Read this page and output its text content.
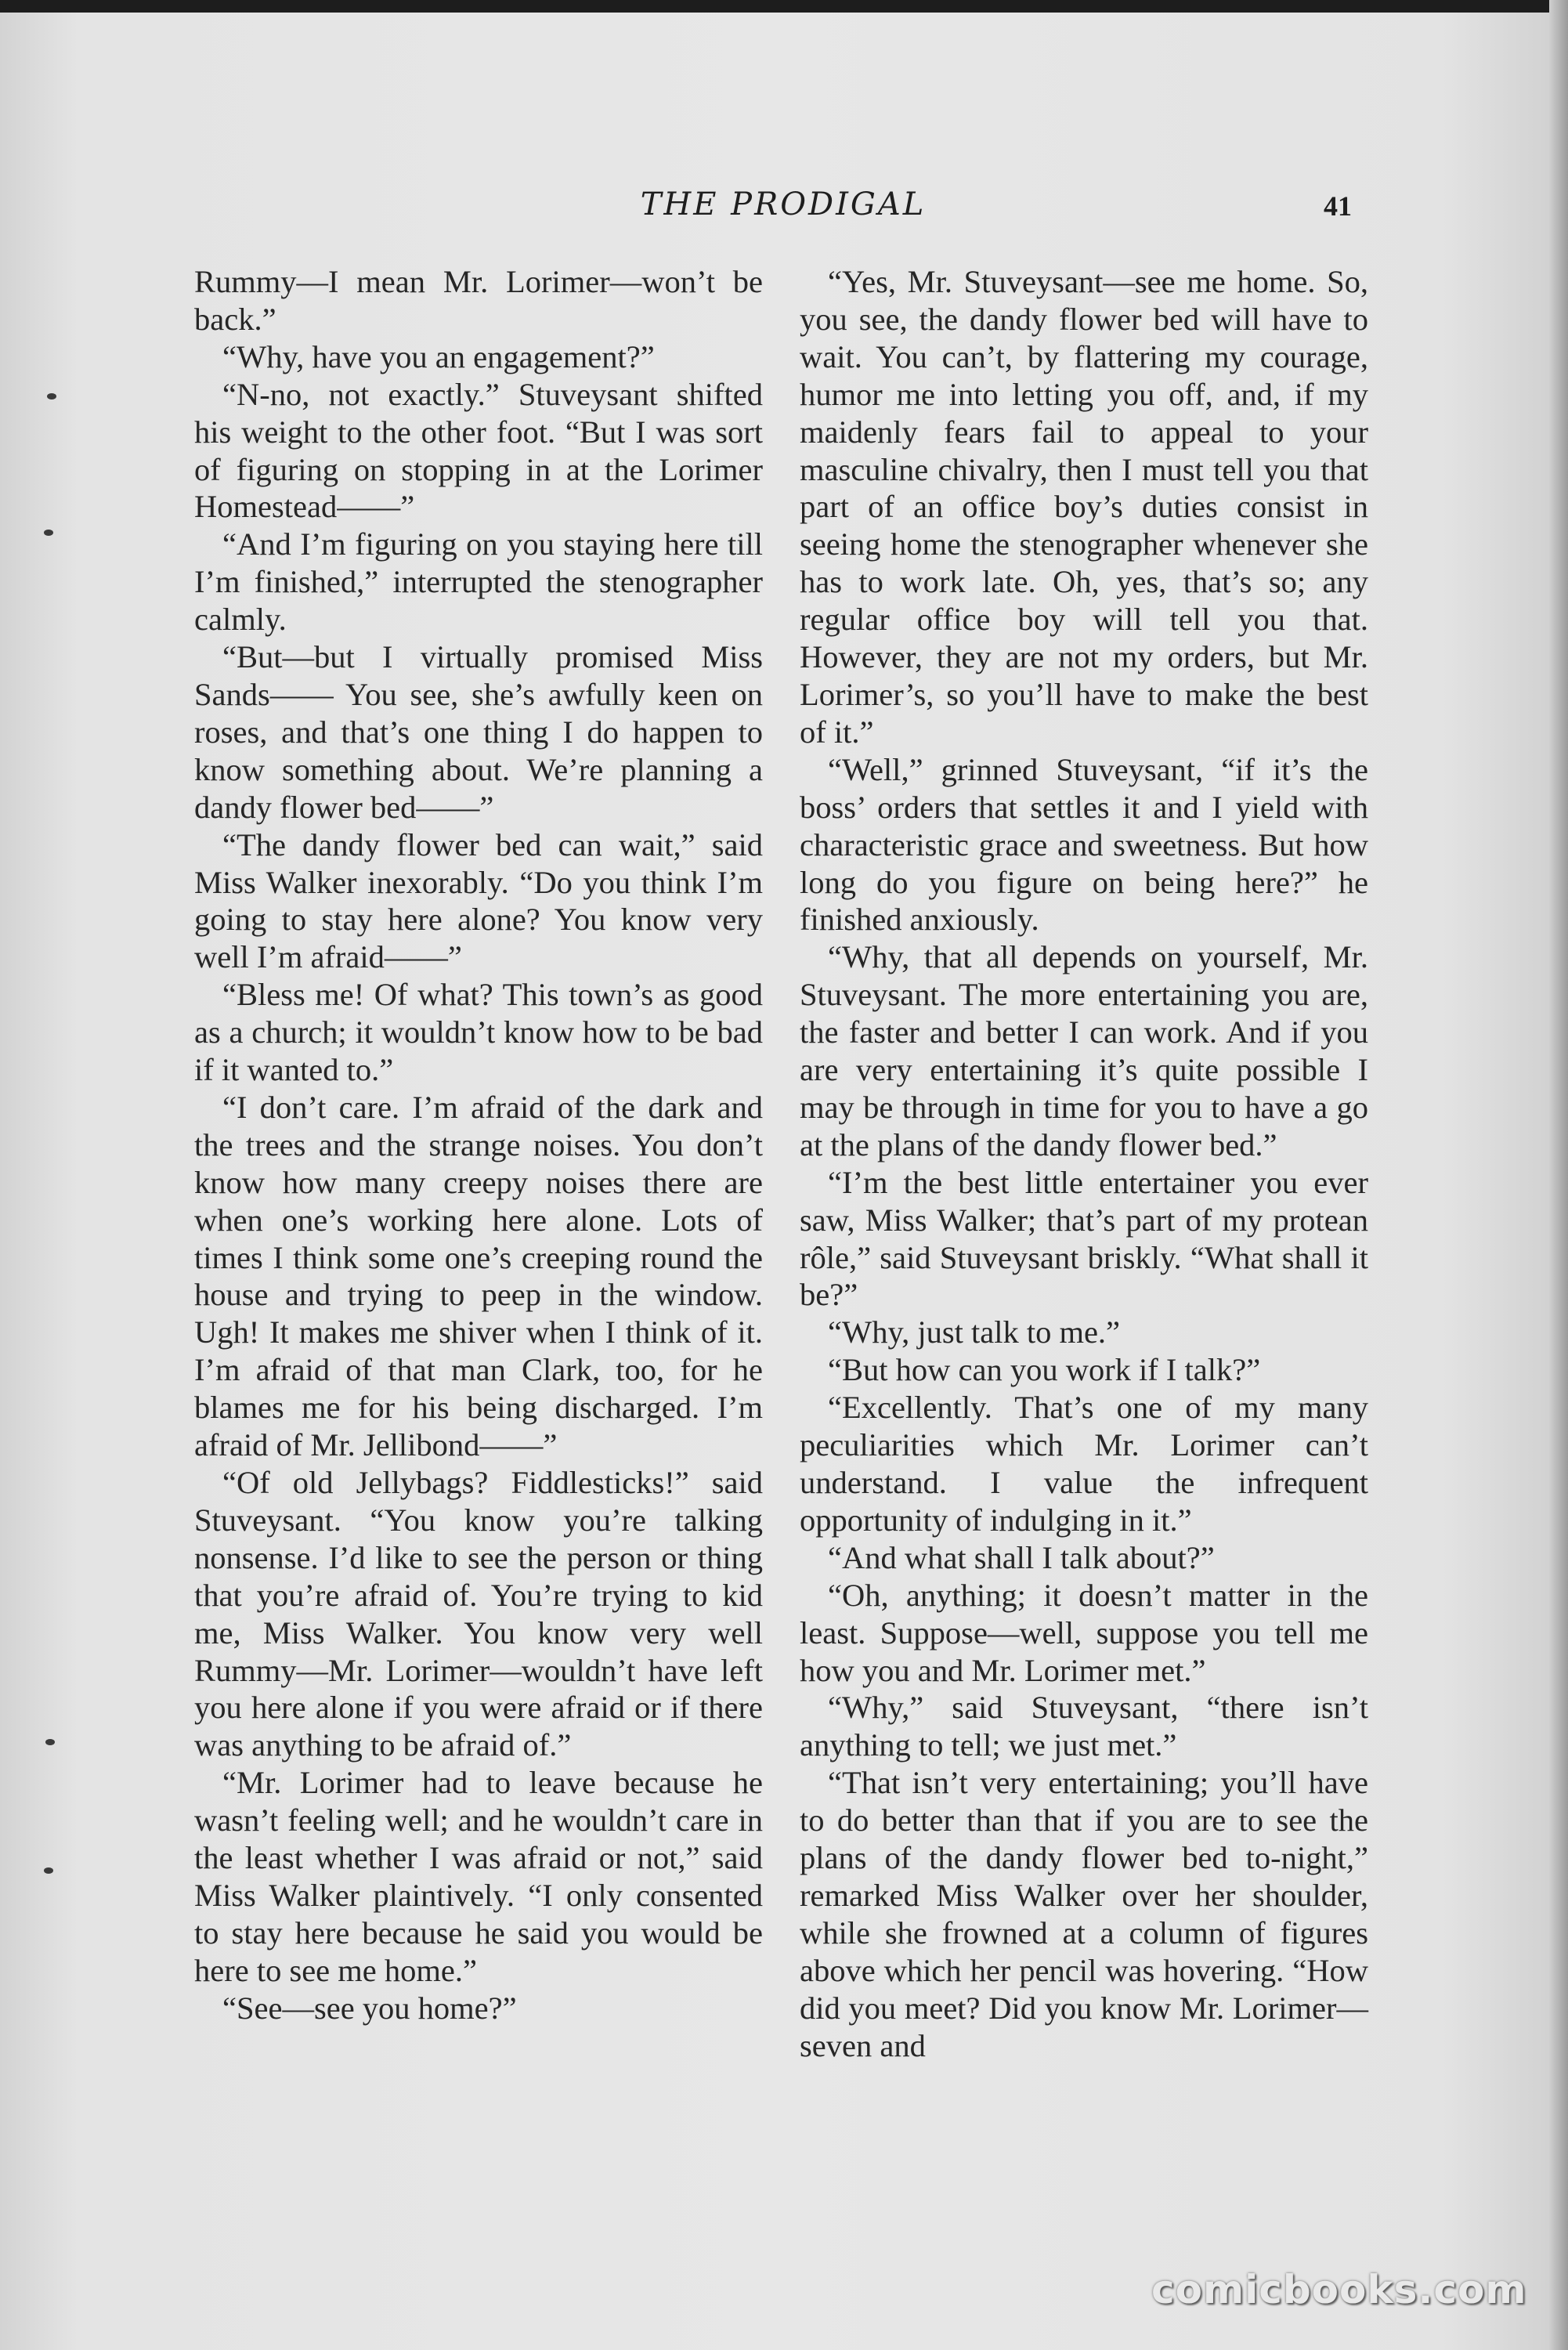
THE PRODIGAL	41

Rummy—I mean Mr. Lorimer—won’t be back.”

“Why, have you an engagement?”

“N-no, not exactly.” Stuveysant shifted his weight to the other foot. “But I was sort of figuring on stopping in at the Lorimer Homestead——”

“And I’m figuring on you staying here till I’m finished,” interrupted the stenographer calmly.

“But—but I virtually promised Miss Sands—— You see, she’s awfully keen on roses, and that’s one thing I do happen to know something about. We’re planning a dandy flower bed——”

“The dandy flower bed can wait,” said Miss Walker inexorably. “Do you think I’m going to stay here alone? You know very well I’m afraid——”

“Bless me! Of what? This town’s as good as a church; it wouldn’t know how to be bad if it wanted to.”

“I don’t care. I’m afraid of the dark and the trees and the strange noises. You don’t know how many creepy noises there are when one’s working here alone. Lots of times I think some one’s creeping round the house and trying to peep in the window. Ugh! It makes me shiver when I think of it. I’m afraid of that man Clark, too, for he blames me for his being discharged. I’m afraid of Mr. Jellibond——”

“Of old Jellybags? Fiddlesticks!” said Stuveysant. “You know you’re talking nonsense. I’d like to see the person or thing that you’re afraid of. You’re trying to kid me, Miss Walker. You know very well Rummy—Mr. Lorimer—wouldn’t have left you here alone if you were afraid or if there was anything to be afraid of.”

“Mr. Lorimer had to leave because he wasn’t feeling well; and he wouldn’t care in the least whether I was afraid or not,” said Miss Walker plaintively. “I only consented to stay here because he said you would be here to see me home.”

“See—see you home?”

“Yes, Mr. Stuveysant—see me home. So, you see, the dandy flower bed will have to wait. You can’t, by flattering my courage, humor me into letting you off, and, if my maidenly fears fail to appeal to your masculine chivalry, then I must tell you that part of an office boy’s duties consist in seeing home the stenographer whenever she has to work late. Oh, yes, that’s so; any regular office boy will tell you that. However, they are not my orders, but Mr. Lorimer’s, so you’ll have to make the best of it.”

“Well,” grinned Stuveysant, “if it’s the boss’ orders that settles it and I yield with characteristic grace and sweetness. But how long do you figure on being here?” he finished anxiously.

“Why, that all depends on yourself, Mr. Stuveysant. The more entertaining you are, the faster and better I can work. And if you are very entertaining it’s quite possible I may be through in time for you to have a go at the plans of the dandy flower bed.”

“I’m the best little entertainer you ever saw, Miss Walker; that’s part of my protean rôle,” said Stuveysant briskly. “What shall it be?”

“Why, just talk to me.”

“But how can you work if I talk?”

“Excellently. That’s one of my many peculiarities which Mr. Lorimer can’t understand. I value the infrequent opportunity of indulging in it.”

“And what shall I talk about?”

“Oh, anything; it doesn’t matter in the least. Suppose—well, suppose you tell me how you and Mr. Lorimer met.”

“Why,” said Stuveysant, “there isn’t anything to tell; we just met.”

“That isn’t very entertaining; you’ll have to do better than that if you are to see the plans of the dandy flower bed to-night,” remarked Miss Walker over her shoulder, while she frowned at a column of figures above which her pencil was hovering. “How did you meet? Did you know Mr. Lorimer—seven and

comicbooks.com
